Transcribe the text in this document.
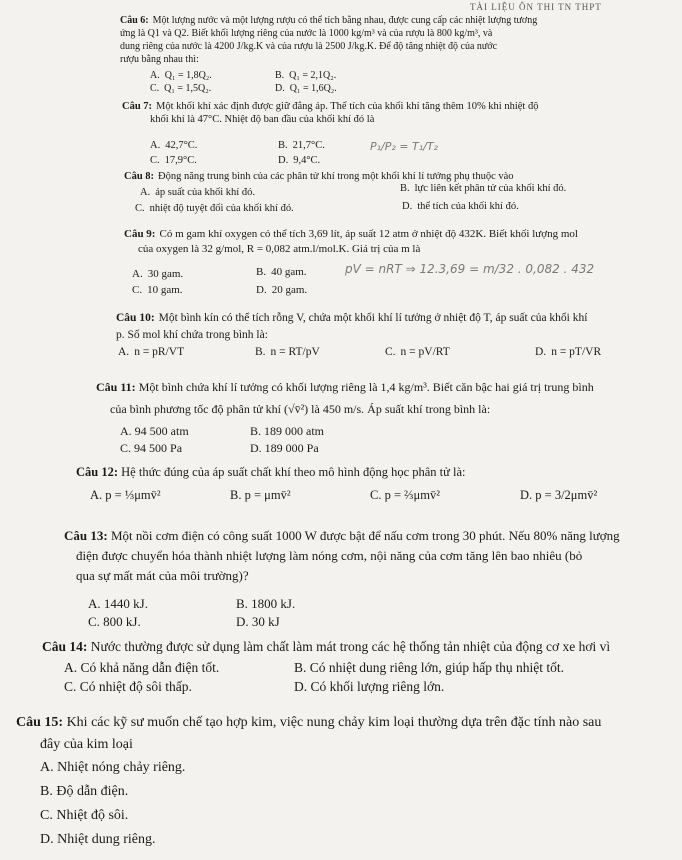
TÀI LIỆU ÔN THI TN THPT
Câu 6: Một lượng nước và một lượng rượu có thể tích bằng nhau, được cung cấp các nhiệt lượng tương
ứng là Q1 và Q2. Biết khối lượng riêng của nước là 1000 kg/m³ và của rượu là 800 kg/m³, và
dung riêng của nước là 4200 J/kg.K và của rượu là 2500 J/kg.K. Để độ tăng nhiệt độ của nước
rượu bằng nhau thì:
A. Q₁ = 1,8Q₂.	B. Q₁ = 2,1Q₂.
C. Q₁ = 1,5Q₂.	D. Q₁ = 1,6Q₂.
Câu 7: Một khối khí xác định được giữ đẳng áp. Thể tích của khối khí tăng thêm 10% khi nhiệt độ
khối khí là 47°C. Nhiệt độ ban đầu của khối khí đó là
A. 42,7°C.	B. 21,7°C.
C. 17,9°C.	D. 9,4°C.
P₁/P₂ = T₁/T₂
Câu 8: Động năng trung bình của các phân tử khí trong một khối khí lí tưởng phụ thuộc vào
A. áp suất của khối khí đó.	B. lực liên kết phân tử của khối khí đó.
C. nhiệt độ tuyệt đối của khối khí đó.	D. thể tích của khối khí đó.
Câu 9: Có m gam khí oxygen có thể tích 3,69 lít, áp suất 12 atm ở nhiệt độ 432K. Biết khối lượng mol
của oxygen là 32 g/mol, R = 0,082 atm.l/mol.K. Giá trị của m là
A. 30 gam.	B. 40 gam.
C. 10 gam.	D. 20 gam.
pV = nRT ⇒ 12.3,69 = m/32 . 0,082 . 432
Câu 10: Một bình kín có thể tích rỗng V, chứa một khối khí lí tưởng ở nhiệt độ T, áp suất của khối khí
p. Số mol khí chứa trong bình là:
A. n = pR/VT	B. n = RT/pV	C. n = pV/RT	D. n = pT/VR
Câu 11: Một bình chứa khí lí tưởng có khối lượng riêng là 1,4 kg/m³. Biết căn bậc hai giá trị trung bình
của bình phương tốc độ phân tử khí (√v̄²) là 450 m/s. Áp suất khí trong bình là:
A. 94 500 atm	B. 189 000 atm
C. 94 500 Pa	D. 189 000 Pa
Câu 12: Hệ thức đúng của áp suất chất khí theo mô hình động học phân tử là:
A. p = ⅓μmv̄²	B. p = μmv̄²	C. p = ⅔μmv̄²	D. p = 3/2μmv̄²
Câu 13: Một nồi cơm điện có công suất 1000 W được bật để nấu cơm trong 30 phút. Nếu 80% năng lượng
điện được chuyển hóa thành nhiệt lượng làm nóng cơm, nội năng của cơm tăng lên bao nhiêu (bỏ
qua sự mất mát của môi trường)?
A. 1440 kJ.	B. 1800 kJ.
C. 800 kJ.	D. 30 kJ
Câu 14: Nước thường được sử dụng làm chất làm mát trong các hệ thống tản nhiệt của động cơ xe hơi vì
A. Có khả năng dẫn điện tốt.	B. Có nhiệt dung riêng lớn, giúp hấp thụ nhiệt tốt.
C. Có nhiệt độ sôi thấp.	D. Có khối lượng riêng lớn.
Câu 15: Khi các kỹ sư muốn chế tạo hợp kim, việc nung chảy kim loại thường dựa trên đặc tính nào sau
đây của kim loại
A. Nhiệt nóng chảy riêng.
B. Độ dẫn điện.
C. Nhiệt độ sôi.
D. Nhiệt dung riêng.
